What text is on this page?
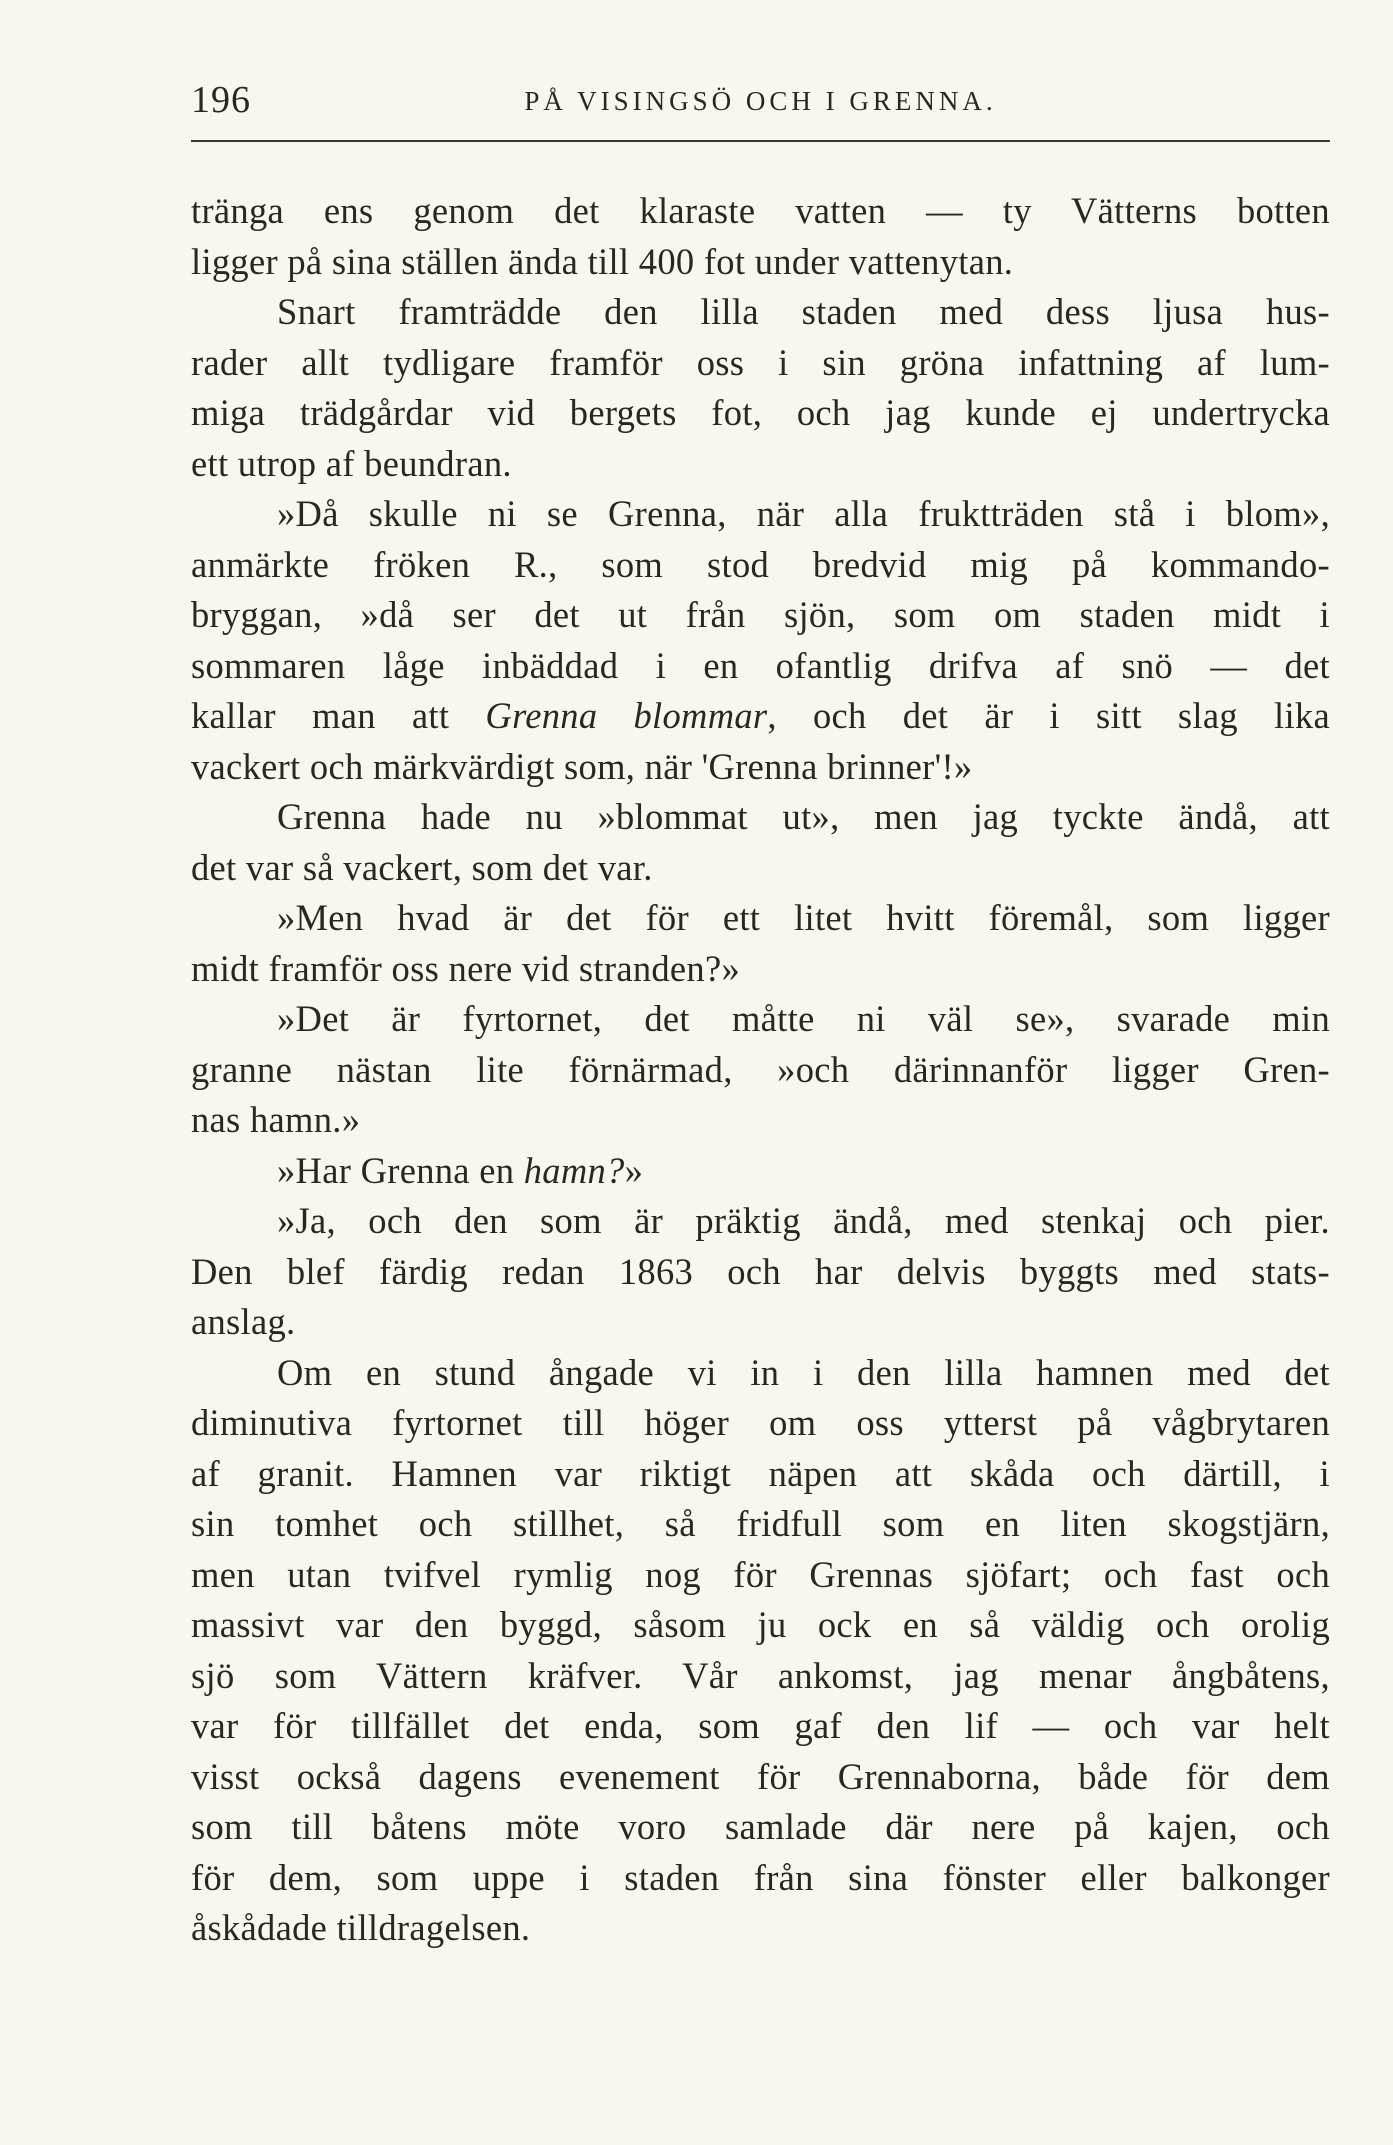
196	PÅ VISINGSÖ OCH I GRENNA.
tränga ens genom det klaraste vatten — ty Vätterns botten
ligger på sina ställen ända till 400 fot under vattenytan.
Snart framträdde den lilla staden med dess ljusa hus-
rader allt tydligare framför oss i sin gröna infattning af lum-
miga trädgårdar vid bergets fot, och jag kunde ej undertrycka
ett utrop af beundran.
»Då skulle ni se Grenna, när alla fruktträden stå i blom»,
anmärkte fröken R., som stod bredvid mig på kommando-
bryggan, »då ser det ut från sjön, som om staden midt i
sommaren låge inbäddad i en ofantlig drifva af snö — det
kallar man att Grenna blommar, och det är i sitt slag lika
vackert och märkvärdigt som, när 'Grenna brinner'!»
Grenna hade nu »blommat ut», men jag tyckte ändå, att
det var så vackert, som det var.
»Men hvad är det för ett litet hvitt föremål, som ligger
midt framför oss nere vid stranden?»
»Det är fyrtornet, det måtte ni väl se», svarade min
granne nästan lite förnärmad, »och därinnanför ligger Gren-
nas hamn.»
»Har Grenna en hamn?»
»Ja, och den som är präktig ändå, med stenkaj och pier.
Den blef färdig redan 1863 och har delvis byggts med stats-
anslag.
Om en stund ångade vi in i den lilla hamnen med det
diminutiva fyrtornet till höger om oss ytterst på vågbrytaren
af granit. Hamnen var riktigt näpen att skåda och därtill, i
sin tomhet och stillhet, så fridfull som en liten skogstjärn,
men utan tvifvel rymlig nog för Grennas sjöfart; och fast och
massivt var den byggd, såsom ju ock en så väldig och orolig
sjö som Vättern kräfver. Vår ankomst, jag menar ångbåtens,
var för tillfället det enda, som gaf den lif — och var helt
visst också dagens evenement för Grennaborna, både för dem
som till båtens möte voro samlade där nere på kajen, och
för dem, som uppe i staden från sina fönster eller balkonger
åskådade tilldragelsen.
